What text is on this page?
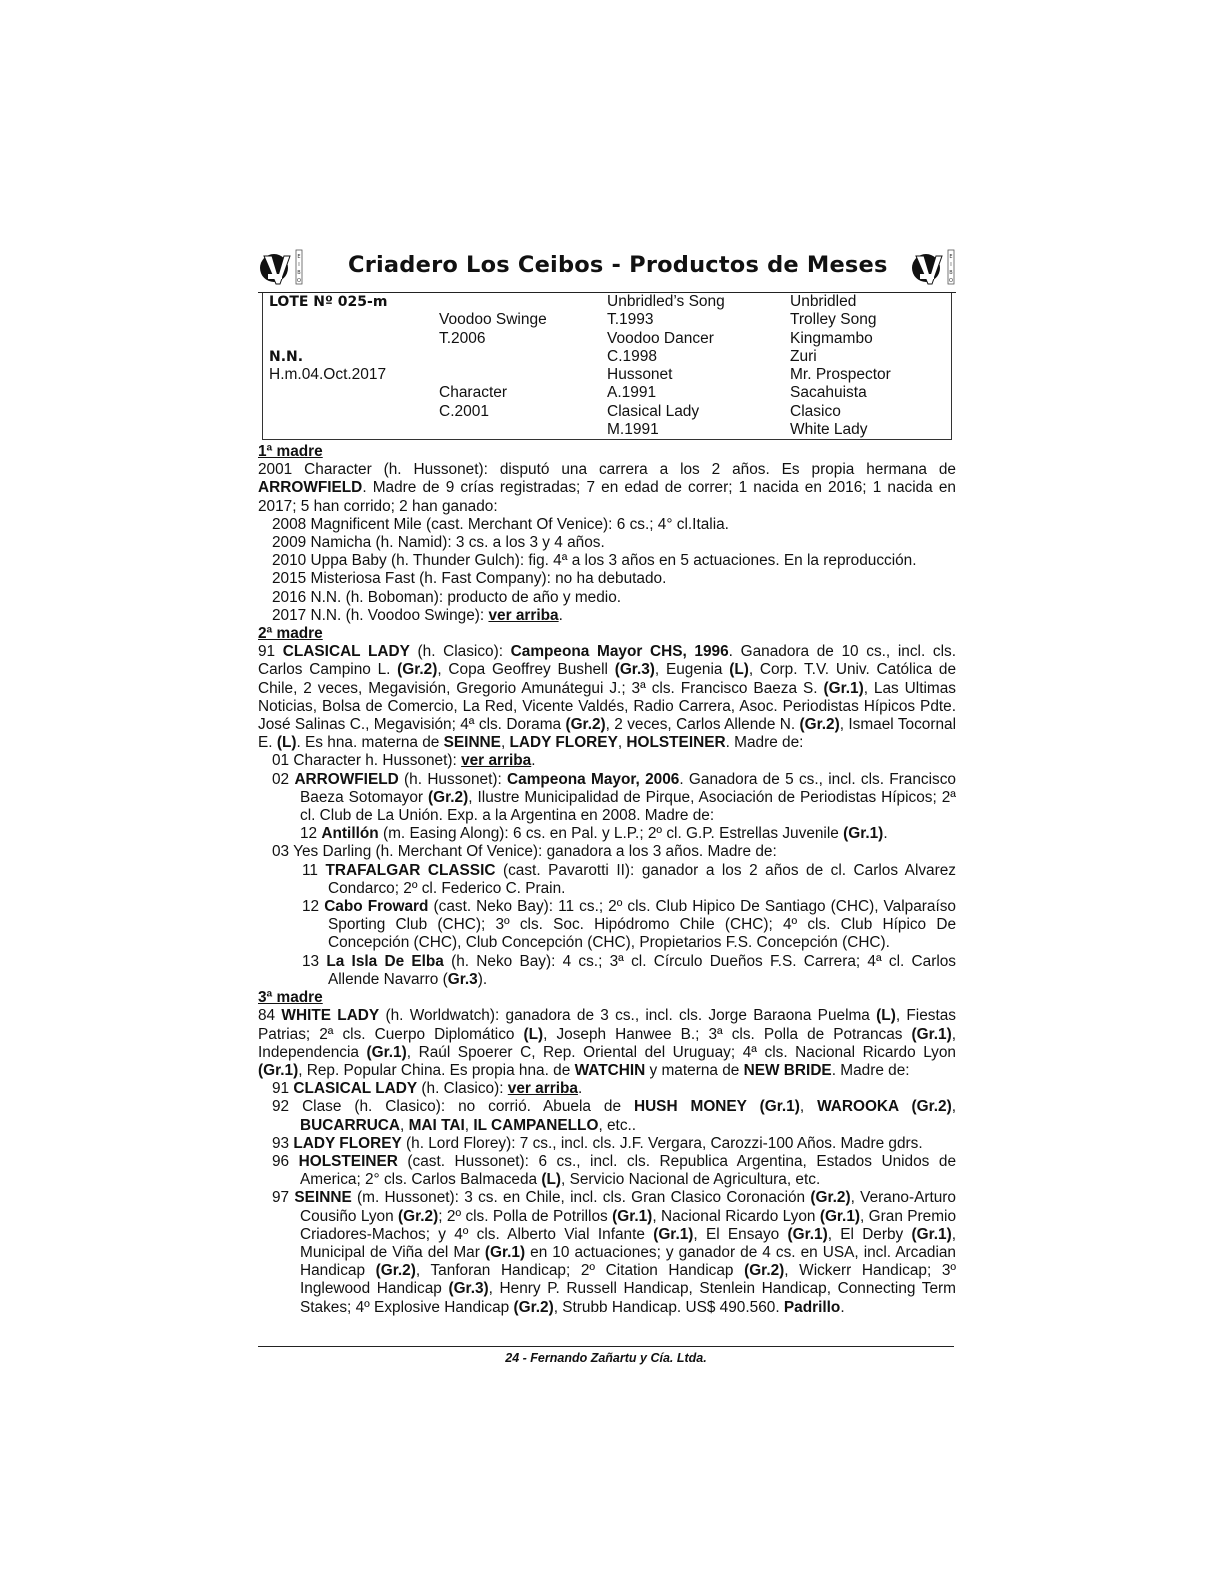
E
I
B
O
Criadero Los Ceibos - Productos de Meses	E
I
B
O
LOTE Nº 025-m

N.N.
H.m.04.Oct.2017

Voodoo Swinge
T.2006

Character
C.2001
Unbridled’s Song
T.1993
Voodoo Dancer
C.1998
Hussonet
A.1991
Clasical Lady
M.1991
Unbridled
Trolley Song
Kingmambo
Zuri
Mr. Prospector
Sacahuista
Clasico
White Lady
1ª madre
2001 Character (h. Hussonet): disputó una carrera a los 2 años. Es propia hermana de ARROWFIELD. Madre de 9 crías registradas; 7 en edad de correr; 1 nacida en 2016; 1 nacida en 2017; 5 han corrido; 2 han ganado:
2008 Magnificent Mile (cast. Merchant Of Venice): 6 cs.; 4° cl.Italia.
2009 Namicha (h. Namid): 3 cs. a los 3 y 4 años.
2010 Uppa Baby (h. Thunder Gulch): fig. 4ª a los 3 años en 5 actuaciones. En la reproducción.
2015 Misteriosa Fast (h. Fast Company): no ha debutado.
2016 N.N. (h. Boboman): producto de año y medio.
2017 N.N. (h. Voodoo Swinge): ver arriba.
2ª madre
91 CLASICAL LADY (h. Clasico): Campeona Mayor CHS, 1996. Ganadora de 10 cs., incl. cls. Carlos Campino L. (Gr.2), Copa Geoffrey Bushell (Gr.3), Eugenia (L), Corp. T.V. Univ. Católica de Chile, 2 veces, Megavisión, Gregorio Amunátegui J.; 3ª cls. Francisco Baeza S. (Gr.1), Las Ultimas Noticias, Bolsa de Comercio, La Red, Vicente Valdés, Radio Carrera, Asoc. Periodistas Hípicos Pdte. José Salinas C., Megavisión; 4ª cls. Dorama (Gr.2), 2 veces, Carlos Allende N. (Gr.2), Ismael Tocornal E. (L). Es hna. materna de SEINNE, LADY FLOREY, HOLSTEINER. Madre de:
01 Character h. Hussonet): ver arriba.
02 ARROWFIELD (h. Hussonet): Campeona Mayor, 2006. Ganadora de 5 cs., incl. cls. Francisco Baeza Sotomayor (Gr.2), Ilustre Municipalidad de Pirque, Asociación de Periodistas Hípicos; 2ª cl. Club de La Unión. Exp. a la Argentina en 2008. Madre de:
12 Antillón (m. Easing Along): 6 cs. en Pal. y L.P.; 2º cl. G.P. Estrellas Juvenile (Gr.1).
03 Yes Darling (h. Merchant Of Venice): ganadora a los 3 años. Madre de:
11 TRAFALGAR CLASSIC (cast. Pavarotti II): ganador a los 2 años de cl. Carlos Alvarez Condarco; 2º cl. Federico C. Prain.
12 Cabo Froward (cast. Neko Bay): 11 cs.; 2º cls. Club Hipico De Santiago (CHC), Valparaíso Sporting Club (CHC); 3º cls. Soc. Hipódromo Chile (CHC); 4º cls. Club Hípico De Concepción (CHC), Club Concepción (CHC), Propietarios F.S. Concepción (CHC).
13 La Isla De Elba (h. Neko Bay): 4 cs.; 3ª cl. Círculo Dueños F.S. Carrera; 4ª cl. Carlos Allende Navarro (Gr.3).
3ª madre
84 WHITE LADY (h. Worldwatch): ganadora de 3 cs., incl. cls. Jorge Baraona Puelma (L), Fiestas Patrias; 2ª cls. Cuerpo Diplomático (L), Joseph Hanwee B.; 3ª cls. Polla de Potrancas (Gr.1), Independencia (Gr.1), Raúl Spoerer C, Rep. Oriental del Uruguay; 4ª cls. Nacional Ricardo Lyon (Gr.1), Rep. Popular China. Es propia hna. de WATCHIN y materna de NEW BRIDE. Madre de:
91 CLASICAL LADY (h. Clasico): ver arriba.
92 Clase (h. Clasico): no corrió. Abuela de HUSH MONEY (Gr.1), WAROOKA (Gr.2), BUCARRUCA, MAI TAI, IL CAMPANELLO, etc..
93 LADY FLOREY (h. Lord Florey): 7 cs., incl. cls. J.F. Vergara, Carozzi-100 Años. Madre gdrs.
96 HOLSTEINER (cast. Hussonet): 6 cs., incl. cls. Republica Argentina, Estados Unidos de America; 2° cls. Carlos Balmaceda (L), Servicio Nacional de Agricultura, etc.
97 SEINNE (m. Hussonet): 3 cs. en Chile, incl. cls. Gran Clasico Coronación (Gr.2), Verano-Arturo Cousiño Lyon (Gr.2); 2º cls. Polla de Potrillos (Gr.1), Nacional Ricardo Lyon (Gr.1), Gran Premio Criadores-Machos; y 4º cls. Alberto Vial Infante (Gr.1), El Ensayo (Gr.1), El Derby (Gr.1), Municipal de Viña del Mar (Gr.1) en 10 actuaciones; y ganador de 4 cs. en USA, incl. Arcadian Handicap (Gr.2), Tanforan Handicap; 2º Citation Handicap (Gr.2), Wickerr Handicap; 3º Inglewood Handicap (Gr.3), Henry P. Russell Handicap, Stenlein Handicap, Connecting Term Stakes; 4º Explosive Handicap (Gr.2), Strubb Handicap. US$ 490.560. Padrillo.
24 - Fernando Zañartu y Cía. Ltda.
